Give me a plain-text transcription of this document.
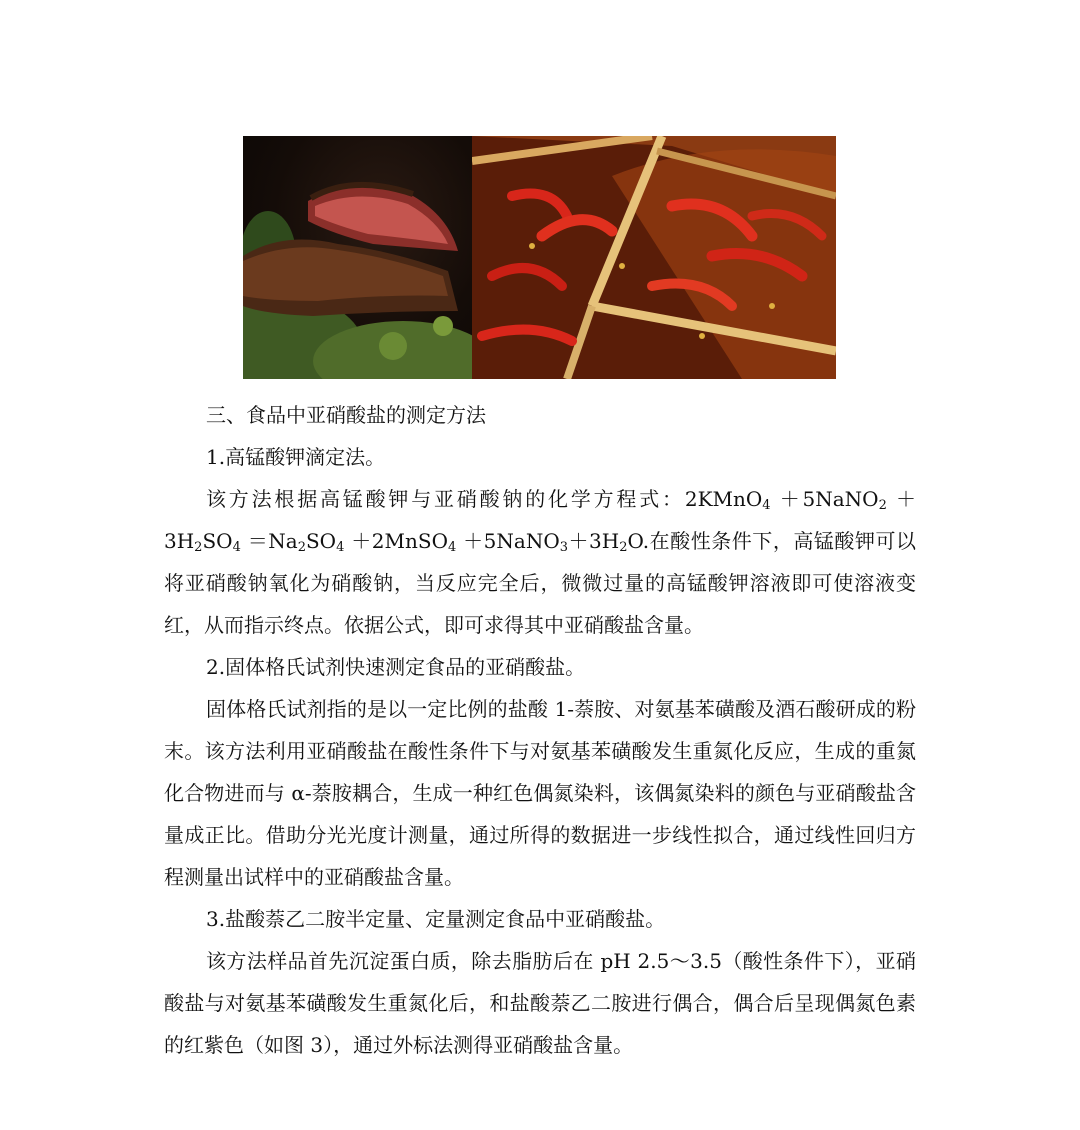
三、食品中亚硝酸盐的测定方法

1.高锰酸钾滴定法。

该方法根据高锰酸钾与亚硝酸钠的化学方程式：2KMnO$_4$ ＋5NaNO$_2$ ＋ $3H_2SO_4 =Na_2SO_4$ ＋2MnSO$_4$ $+5NaNO_3+3H_2O$.在酸性条件下，高锰酸钾可以将亚硝酸钠氧化为硝酸钠，当反应完全后，微微过量的高锰酸钾溶液即可使溶液变红，从而指示终点。依据公式，即可求得其中亚硝酸盐含量。

2.固体格氏试剂快速测定食品的亚硝酸盐。

固体格氏试剂指的是以一定比例的盐酸 1-萘胺、对氨基苯磺酸及酒石酸研成的粉末。该方法利用亚硝酸盐在酸性条件下与对氨基苯磺酸发生重氮化反应，生成的重氮化合物进而与 α-萘胺耦合，生成一种红色偶氮染料，该偶氮染料的颜色与亚硝酸盐含量成正比。借助分光光度计测量，通过所得的数据进一步线性拟合，通过线性回归方程测量出试样中的亚硝酸盐含量。

3.盐酸萘乙二胺半定量、定量测定食品中亚硝酸盐。

该方法样品首先沉淀蛋白质，除去脂肪后在 pH 2.5～3.5（酸性条件下），亚硝酸盐与对氨基苯磺酸发生重氮化后，和盐酸萘乙二胺进行偶合，偶合后呈现偶氮色素的红紫色（如图 3），通过外标法测得亚硝酸盐含量。
